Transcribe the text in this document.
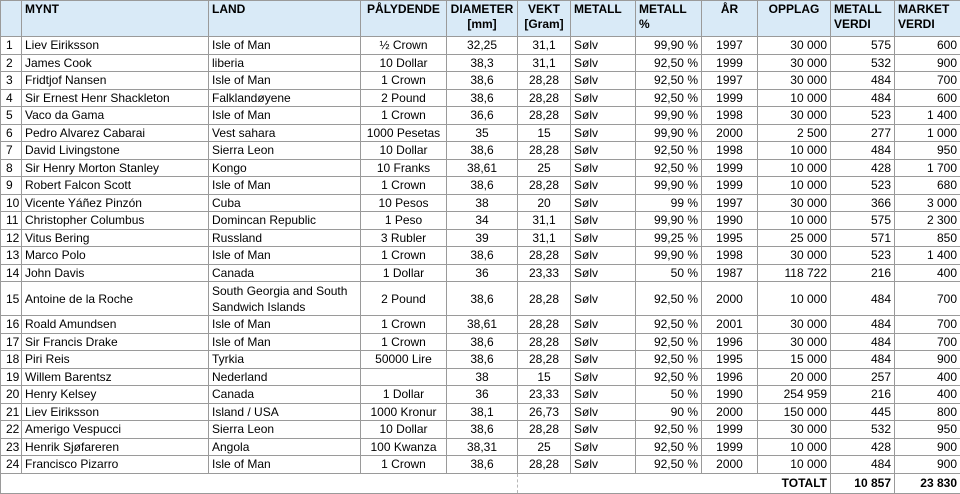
	MYNT	LAND	PÅLYDENDE	DIAMETER [mm]	VEKT [Gram]	METALL	METALL %	ÅR	OPPLAG	METALL VERDI	MARKET VERDI
1	Liev Eiriksson	Isle of Man	½ Crown	32,25	31,1	Sølv	99,90 %	1997	30 000	575	600
2	James Cook	liberia	10 Dollar	38,3	31,1	Sølv	92,50 %	1999	30 000	532	900
3	Fridtjof Nansen	Isle of Man	1 Crown	38,6	28,28	Sølv	92,50 %	1997	30 000	484	700
4	Sir Ernest Henr Shackleton	Falklandøyene	2 Pound	38,6	28,28	Sølv	92,50 %	1999	10 000	484	600
5	Vaco da Gama	Isle of Man	1 Crown	36,6	28,28	Sølv	99,90 %	1998	30 000	523	1 400
6	Pedro Alvarez Cabarai	Vest sahara	1000 Pesetas	35	15	Sølv	99,90 %	2000	2 500	277	1 000
7	David Livingstone	Sierra Leon	10 Dollar	38,6	28,28	Sølv	92,50 %	1998	10 000	484	950
8	Sir Henry Morton Stanley	Kongo	10 Franks	38,61	25	Sølv	92,50 %	1999	10 000	428	1 700
9	Robert Falcon Scott	Isle of Man	1 Crown	38,6	28,28	Sølv	99,90 %	1999	10 000	523	680
10	Vicente Yáñez Pinzón	Cuba	10 Pesos	38	20	Sølv	99 %	1997	30 000	366	3 000
11	Christopher Columbus	Domincan Republic	1 Peso	34	31,1	Sølv	99,90 %	1990	10 000	575	2 300
12	Vitus Bering	Russland	3 Rubler	39	31,1	Sølv	99,25 %	1995	25 000	571	850
13	Marco Polo	Isle of Man	1 Crown	38,6	28,28	Sølv	99,90 %	1998	30 000	523	1 400
14	John Davis	Canada	1 Dollar	36	23,33	Sølv	50 %	1987	118 722	216	400
15	Antoine de la Roche	South Georgia and South Sandwich Islands	2 Pound	38,6	28,28	Sølv	92,50 %	2000	10 000	484	700
16	Roald Amundsen	Isle of Man	1 Crown	38,61	28,28	Sølv	92,50 %	2001	30 000	484	700
17	Sir Francis Drake	Isle of Man	1 Crown	38,6	28,28	Sølv	92,50 %	1996	30 000	484	700
18	Piri Reis	Tyrkia	50000 Lire	38,6	28,28	Sølv	92,50 %	1995	15 000	484	900
19	Willem Barentsz	Nederland		38	15	Sølv	92,50 %	1996	20 000	257	400
20	Henry Kelsey	Canada	1 Dollar	36	23,33	Sølv	50 %	1990	254 959	216	400
21	Liev Eiriksson	Island / USA	1000 Kronur	38,1	26,73	Sølv	90 %	2000	150 000	445	800
22	Amerigo Vespucci	Sierra Leon	10 Dollar	38,6	28,28	Sølv	92,50 %	1999	30 000	532	950
23	Henrik Sjøfareren	Angola	100 Kwanza	38,31	25	Sølv	92,50 %	1999	10 000	428	900
24	Francisco Pizarro	Isle of Man	1 Crown	38,6	28,28	Sølv	92,50 %	2000	10 000	484	900
									TOTALT	10 857	23 830
